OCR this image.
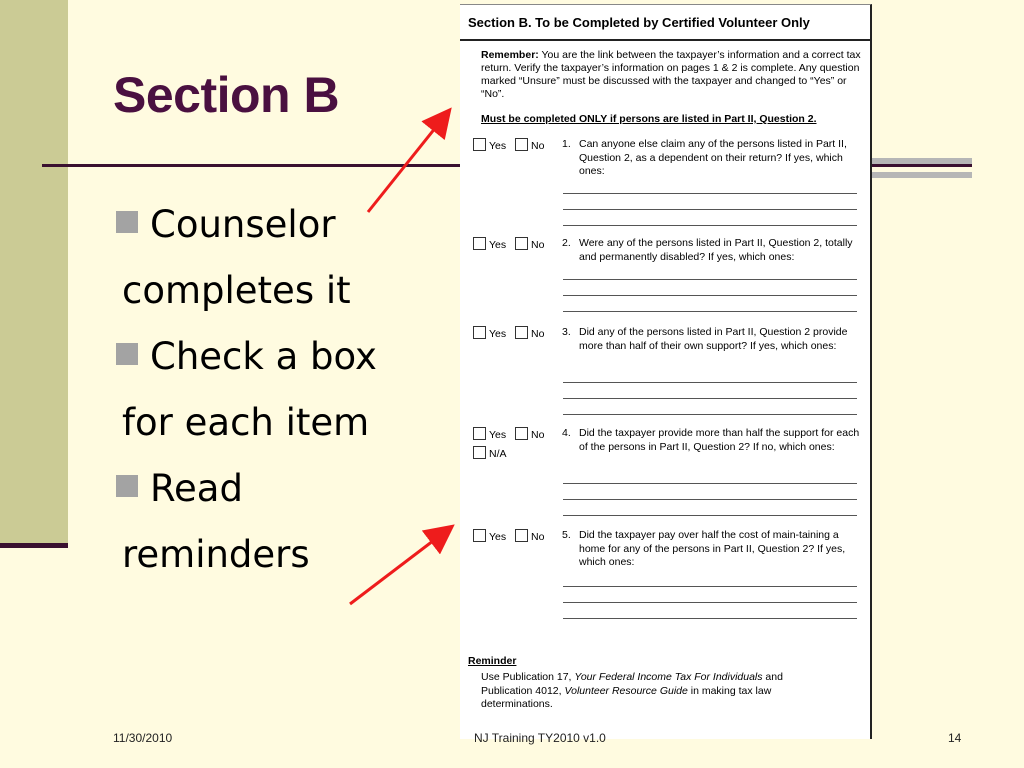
Section B
Counselor
completes it
Check a box
for each item
Read
reminders
Section B. To be Completed by Certified Volunteer Only
Remember: You are the link between the taxpayer’s information and a correct tax return. Verify the taxpayer’s information on pages 1 & 2 is complete. Any question marked “Unsure” must be discussed with the taxpayer and changed to “Yes” or “No”.
Must be completed ONLY if persons are listed in Part II, Question 2.
Yes	No 1. Can anyone else claim any of the persons listed in Part II, Question 2, as a dependent on their return? If yes, which ones:
Yes	No 2. Were any of the persons listed in Part II, Question 2, totally and permanently disabled? If yes, which ones:
Yes	No 3. Did any of the persons listed in Part II, Question 2 provide more than half of their own support? If yes, which ones:
Yes	No
N/A
4. Did the taxpayer provide more than half the support for each of the persons in Part II, Question 2? If no, which ones:
Yes	No 5. Did the taxpayer pay over half the cost of main-taining a home for any of the persons in Part II, Question 2? If yes, which ones:
Reminder
Use Publication 17, Your Federal Income Tax For Individuals and Publication 4012, Volunteer Resource Guide in making tax law determinations.
11/30/2010	NJ Training TY2010 v1.0	14
